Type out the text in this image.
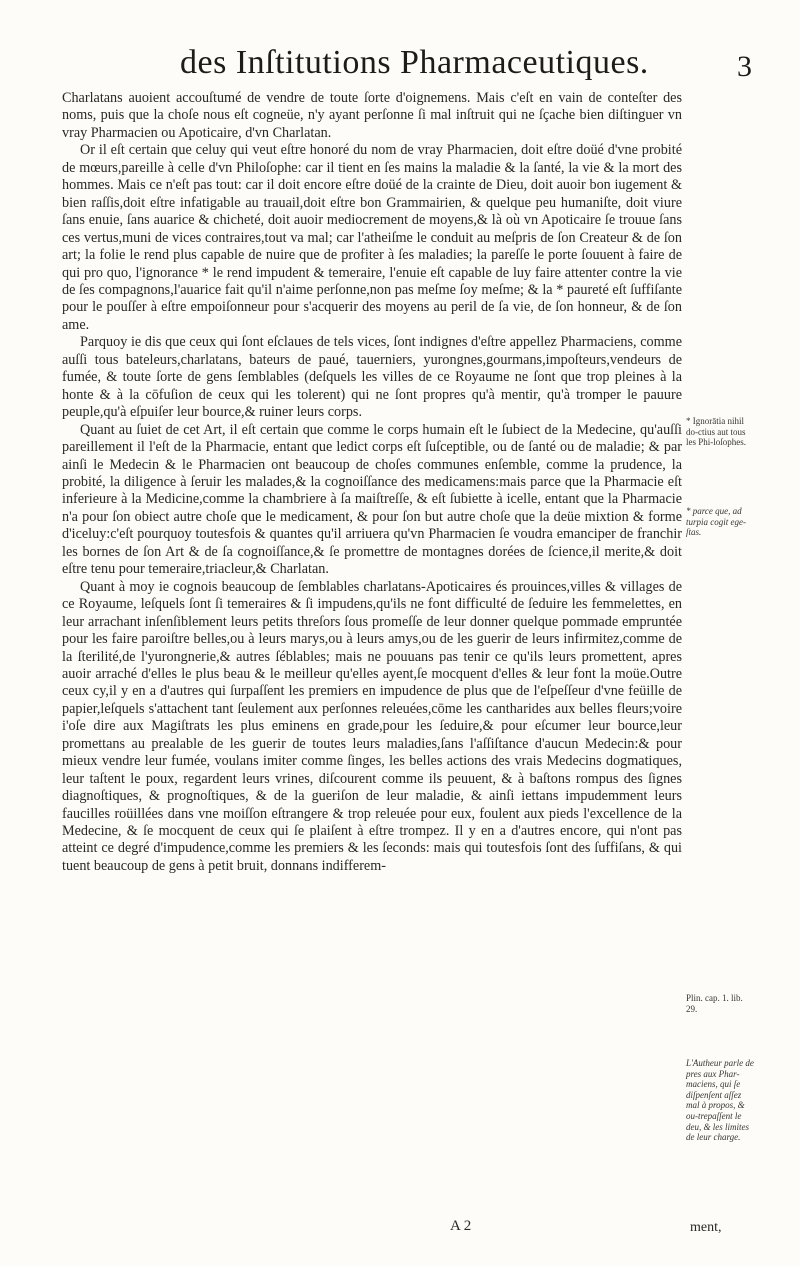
des Inſtitutions Pharmaceutiques.	3

Charlatans auoient accouſtumé de vendre de toute ſorte d'oignemens. Mais c'eſt en vain de conteſter des noms, puis que la choſe nous eſt cogneüe, n'y ayant perſonne ſi mal inſtruit qui ne ſçache bien diſtinguer vn vray Pharmacien ou Apoticaire, d'vn Charlatan.

Or il eſt certain que celuy qui veut eſtre honoré du nom de vray Pharmacien, doit eſtre doüé d'vne probité de mœurs,pareille à celle d'vn Philoſophe: car il tient en ſes mains la maladie & la ſanté, la vie & la mort des hommes. Mais ce n'eſt pas tout: car il doit encore eſtre doüé de la crainte de Dieu, doit auoir bon iugement & bien raſſis,doit eſtre infatigable au trauail,doit eſtre bon Grammairien, & quelque peu humaniſte, doit viure ſans enuie, ſans auarice & chicheté, doit auoir mediocrement de moyens,& là où vn Apoticaire ſe trouue ſans ces vertus,muni de vices contraires,tout va mal; car l'atheiſme le conduit au meſpris de ſon Createur & de ſon art; la folie le rend plus capable de nuire que de profiter à ſes maladies; la pareſſe le porte ſouuent à faire de qui pro quo, l'ignorance * le rend impudent & temeraire, l'enuie eſt capable de luy faire attenter contre la vie de ſes compagnons,l'auarice fait qu'il n'aime perſonne,non pas meſme ſoy meſme; & la * paureté eſt ſuffiſante pour le pouſſer à eſtre empoiſonneur pour s'acquerir des moyens au peril de ſa vie, de ſon honneur, & de ſon ame.

Parquoy ie dis que ceux qui ſont eſclaues de tels vices, ſont indignes d'eſtre appellez Pharmaciens, comme auſſi tous bateleurs,charlatans, bateurs de paué, tauerniers, yurongnes,gourmans,impoſteurs,vendeurs de fumée, & toute ſorte de gens ſemblables (deſquels les villes de ce Royaume ne ſont que trop pleines à la honte & à la cōfuſion de ceux qui les tolerent) qui ne ſont propres qu'à mentir, qu'à tromper le pauure peuple,qu'à eſpuiſer leur bource,& ruiner leurs corps.

Quant au ſuiet de cet Art, il eſt certain que comme le corps humain eſt le ſubiect de la Medecine, qu'auſſi pareillement il l'eſt de la Pharmacie, entant que ledict corps eſt ſuſceptible, ou de ſanté ou de maladie; & par ainſi le Medecin & le Pharmacien ont beaucoup de choſes communes enſemble, comme la prudence, la probité, la diligence à ſeruir les malades,& la cognoiſſance des medicamens:mais parce que la Pharmacie eſt inferieure à la Medicine,comme la chambriere à ſa maiſtreſſe, & eſt ſubiette à icelle, entant que la Pharmacie n'a pour ſon obiect autre choſe que le medicament, & pour ſon but autre choſe que la deüe mixtion & forme d'iceluy:c'eſt pourquoy toutesfois & quantes qu'il arriuera qu'vn Pharmacien ſe voudra emanciper de franchir les bornes de ſon Art & de ſa cognoiſſance,& ſe promettre de montagnes dorées de ſcience,il merite,& doit eſtre tenu pour temeraire,triacleur,& Charlatan.

Quant à moy ie cognois beaucoup de ſemblables charlatans-Apoticaires és prouinces,villes & villages de ce Royaume, leſquels ſont ſi temeraires & ſi impudens,qu'ils ne font difficulté de ſeduire les femmelettes, en leur arrachant inſenſiblement leurs petits threſors ſous promeſſe de leur donner quelque pommade empruntée pour les faire paroiſtre belles,ou à leurs marys,ou à leurs amys,ou de les guerir de leurs infirmitez,comme de la ſterilité,de l'yurongnerie,& autres ſéblables; mais ne pouuans pas tenir ce qu'ils leurs promettent, apres auoir arraché d'elles le plus beau & le meilleur qu'elles ayent,ſe mocquent d'elles & leur font la moüe.Outre ceux cy,il y en a d'autres qui ſurpaſſent les premiers en impudence de plus que de l'eſpeſſeur d'vne feüille de papier,leſquels s'attachent tant ſeulement aux perſonnes releuées,cōme les cantharides aux belles fleurs;voire i'oſe dire aux Magiſtrats les plus eminens en grade,pour les ſeduire,& pour eſcumer leur bource,leur promettans au prealable de les guerir de toutes leurs maladies,ſans l'aſſiſtance d'aucun Medecin:& pour mieux vendre leur fumée, voulans imiter comme ſinges, les belles actions des vrais Medecins dogmatiques, leur taſtent le poux, regardent leurs vrines, diſcourent comme ils peuuent, & à baſtons rompus des ſignes diagnoſtiques, & prognoſtiques, & de la gueriſon de leur maladie, & ainſi iettans impudemment leurs faucilles roüillées dans vne moiſſon eſtrangere & trop releuée pour eux, foulent aux pieds l'excellence de la Medecine, & ſe mocquent de ceux qui ſe plaiſent à eſtre trompez. Il y en a d'autres encore, qui n'ont pas atteint ce degré d'impudence,comme les premiers & les ſeconds: mais qui toutesfois ſont des ſuffiſans, & qui tuent beaucoup de gens à petit bruit, donnans indifferem-

* Ignorātia nihil do-ctius aut tous les Phi-loſophes.
* parce que, ad turpia cogit ege-ſtas.
Plin. cap. 1. lib. 29.
L'Autheur parle de pres aux Phar-maciens, qui ſe diſpenſent aſſez mal à propos, & ou-trepaſſent le deu, & les limites de leur charge.
A 2	ment,
